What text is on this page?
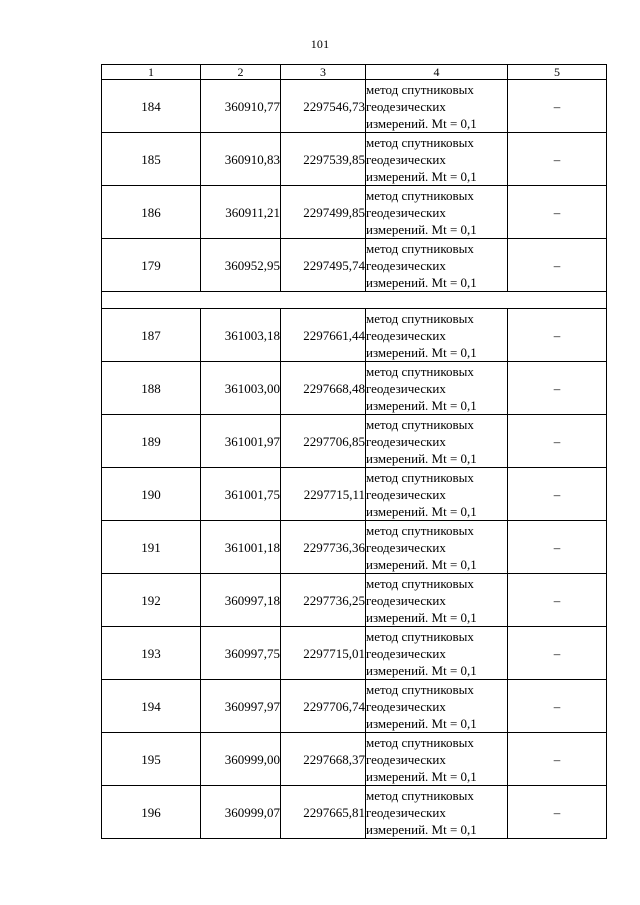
101
1	2	3	4	5
184	360910,77	2297546,73	метод спутниковых
геодезических
измерений. Mt = 0,1	–
185	360910,83	2297539,85	метод спутниковых
геодезических
измерений. Mt = 0,1	–
186	360911,21	2297499,85	метод спутниковых
геодезических
измерений. Mt = 0,1	–
179	360952,95	2297495,74	метод спутниковых
геодезических
измерений. Mt = 0,1	–

187	361003,18	2297661,44	метод спутниковых
геодезических
измерений. Mt = 0,1	–
188	361003,00	2297668,48	метод спутниковых
геодезических
измерений. Mt = 0,1	–
189	361001,97	2297706,85	метод спутниковых
геодезических
измерений. Mt = 0,1	–
190	361001,75	2297715,11	метод спутниковых
геодезических
измерений. Mt = 0,1	–
191	361001,18	2297736,36	метод спутниковых
геодезических
измерений. Mt = 0,1	–
192	360997,18	2297736,25	метод спутниковых
геодезических
измерений. Mt = 0,1	–
193	360997,75	2297715,01	метод спутниковых
геодезических
измерений. Mt = 0,1	–
194	360997,97	2297706,74	метод спутниковых
геодезических
измерений. Mt = 0,1	–
195	360999,00	2297668,37	метод спутниковых
геодезических
измерений. Mt = 0,1	–
196	360999,07	2297665,81	метод спутниковых
геодезических
измерений. Mt = 0,1	–
